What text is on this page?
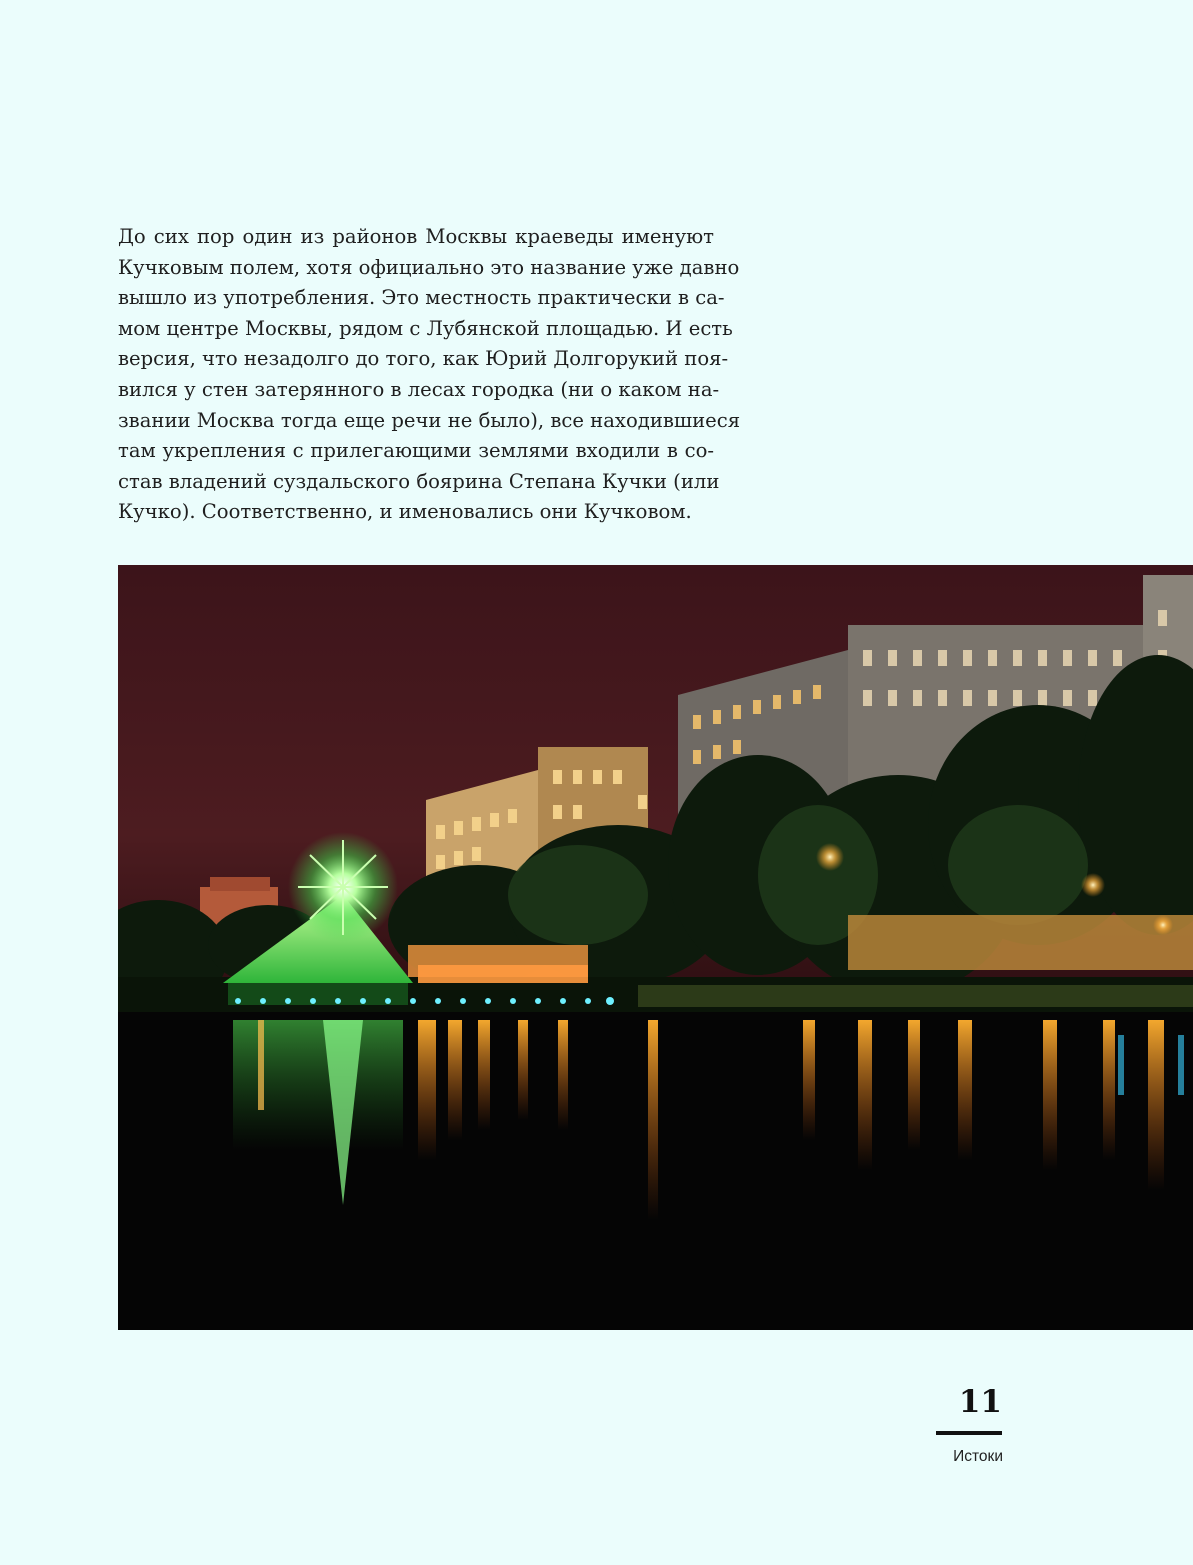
До сих пор один из районов Москвы краеведы именуют
Кучковым полем, хотя официально это название уже давно
вышло из употребления. Это местность практически в са-
мом центре Москвы, рядом с Лубянской площадью. И есть
версия, что незадолго до того, как Юрий Долгорукий поя-
вился у стен затерянного в лесах городка (ни о каком на-
звании Москва тогда еще речи не было), все находившиеся
там укрепления с прилегающими землями входили в со-
став владений суздальского боярина Степана Кучки (или
Кучко). Соответственно, и именовались они Кучковом.
11
Истоки
